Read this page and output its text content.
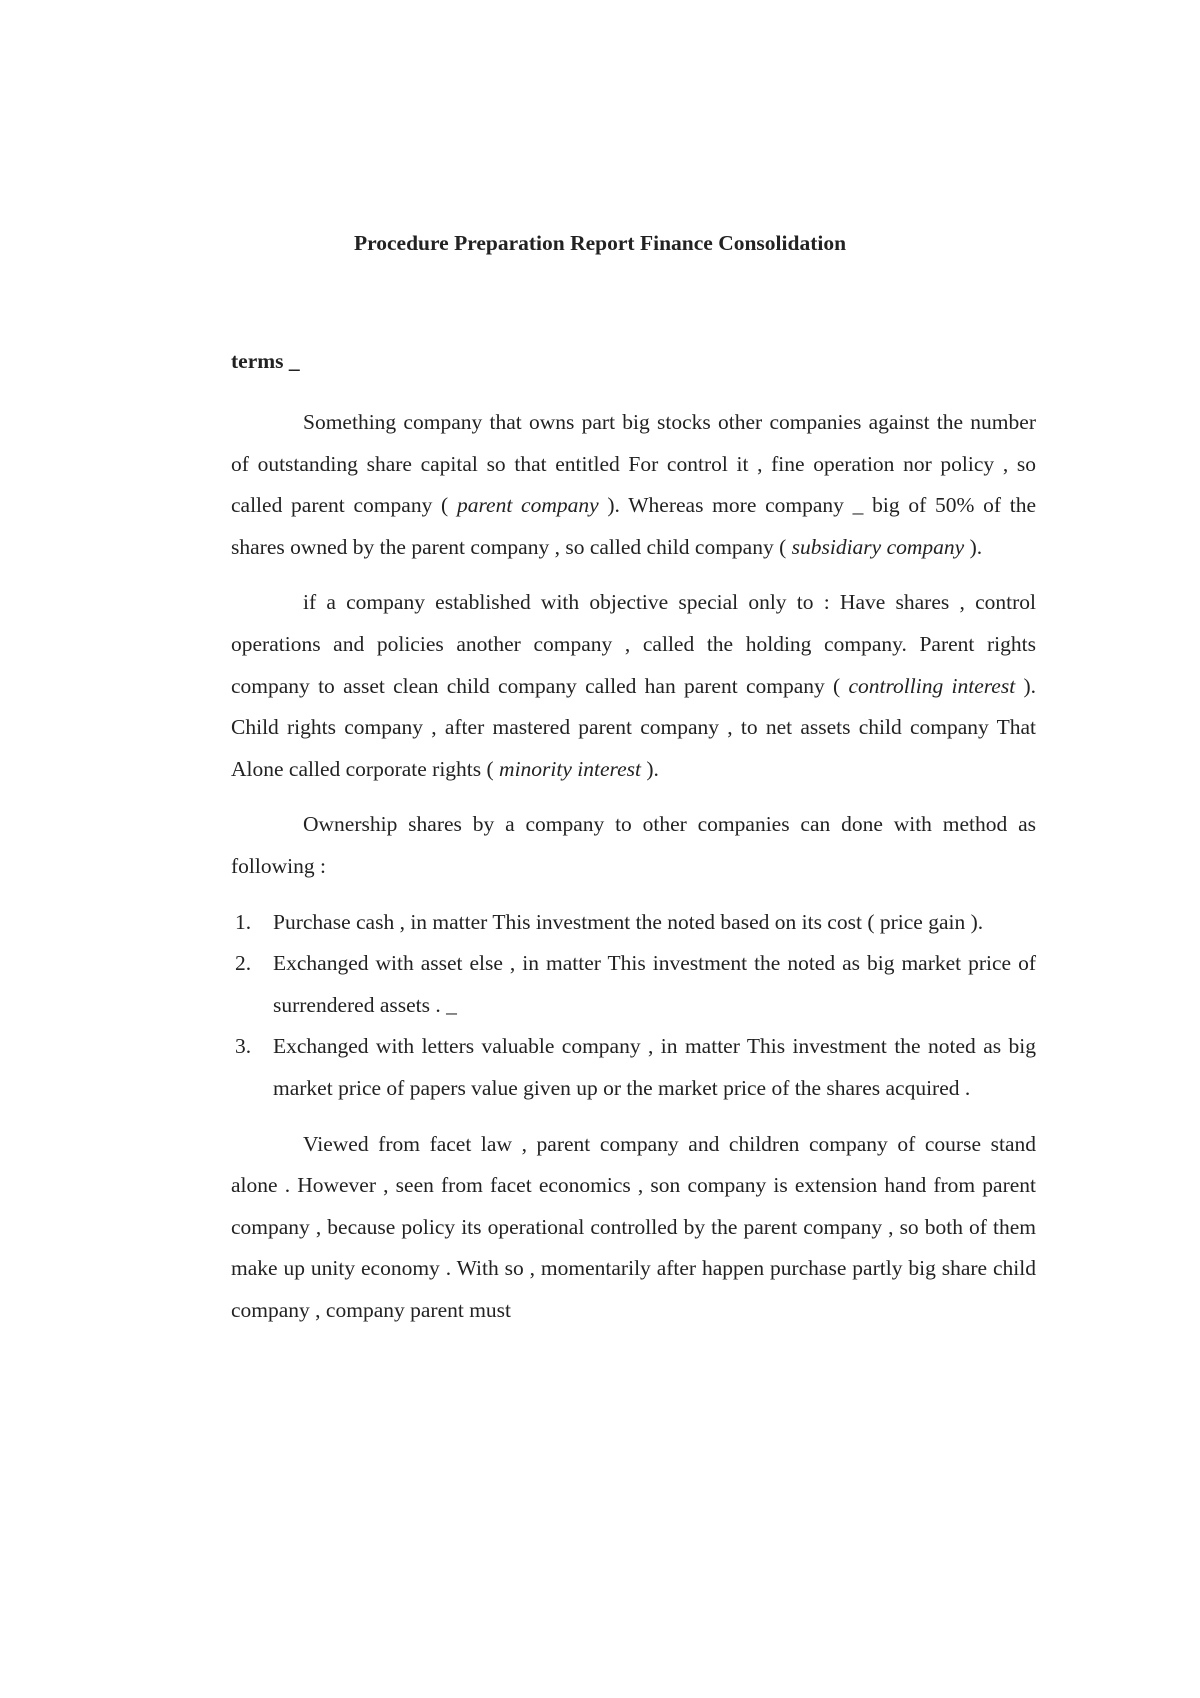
Procedure Preparation Report Finance Consolidation
terms _

Something company that owns part big stocks other companies against the number of outstanding share capital so that entitled For control it , fine operation nor policy , so called parent company ( parent company ). Whereas more company _ big of 50% of the shares owned by the parent company , so called child company ( subsidiary company ).

if a company established with objective special only to : Have shares , control operations and policies another company , called the holding company. Parent rights company to asset clean child company called han parent company ( controlling interest ). Child rights company , after mastered parent company , to net assets child company That Alone called corporate rights ( minority interest ).

Ownership shares by a company to other companies can done with method as following :

1. Purchase cash , in matter This investment the noted based on its cost ( price gain ).
2. Exchanged with asset else , in matter This investment the noted as big market price of surrendered assets . _
3. Exchanged with letters valuable company , in matter This investment the noted as big market price of papers value given up or the market price of the shares acquired .

Viewed from facet law , parent company and children company of course stand alone . However , seen from facet economics , son company is extension hand from parent company , because policy its operational controlled by the parent company , so both of them make up unity economy . With so , momentarily after happen purchase partly big share child company , company parent must
